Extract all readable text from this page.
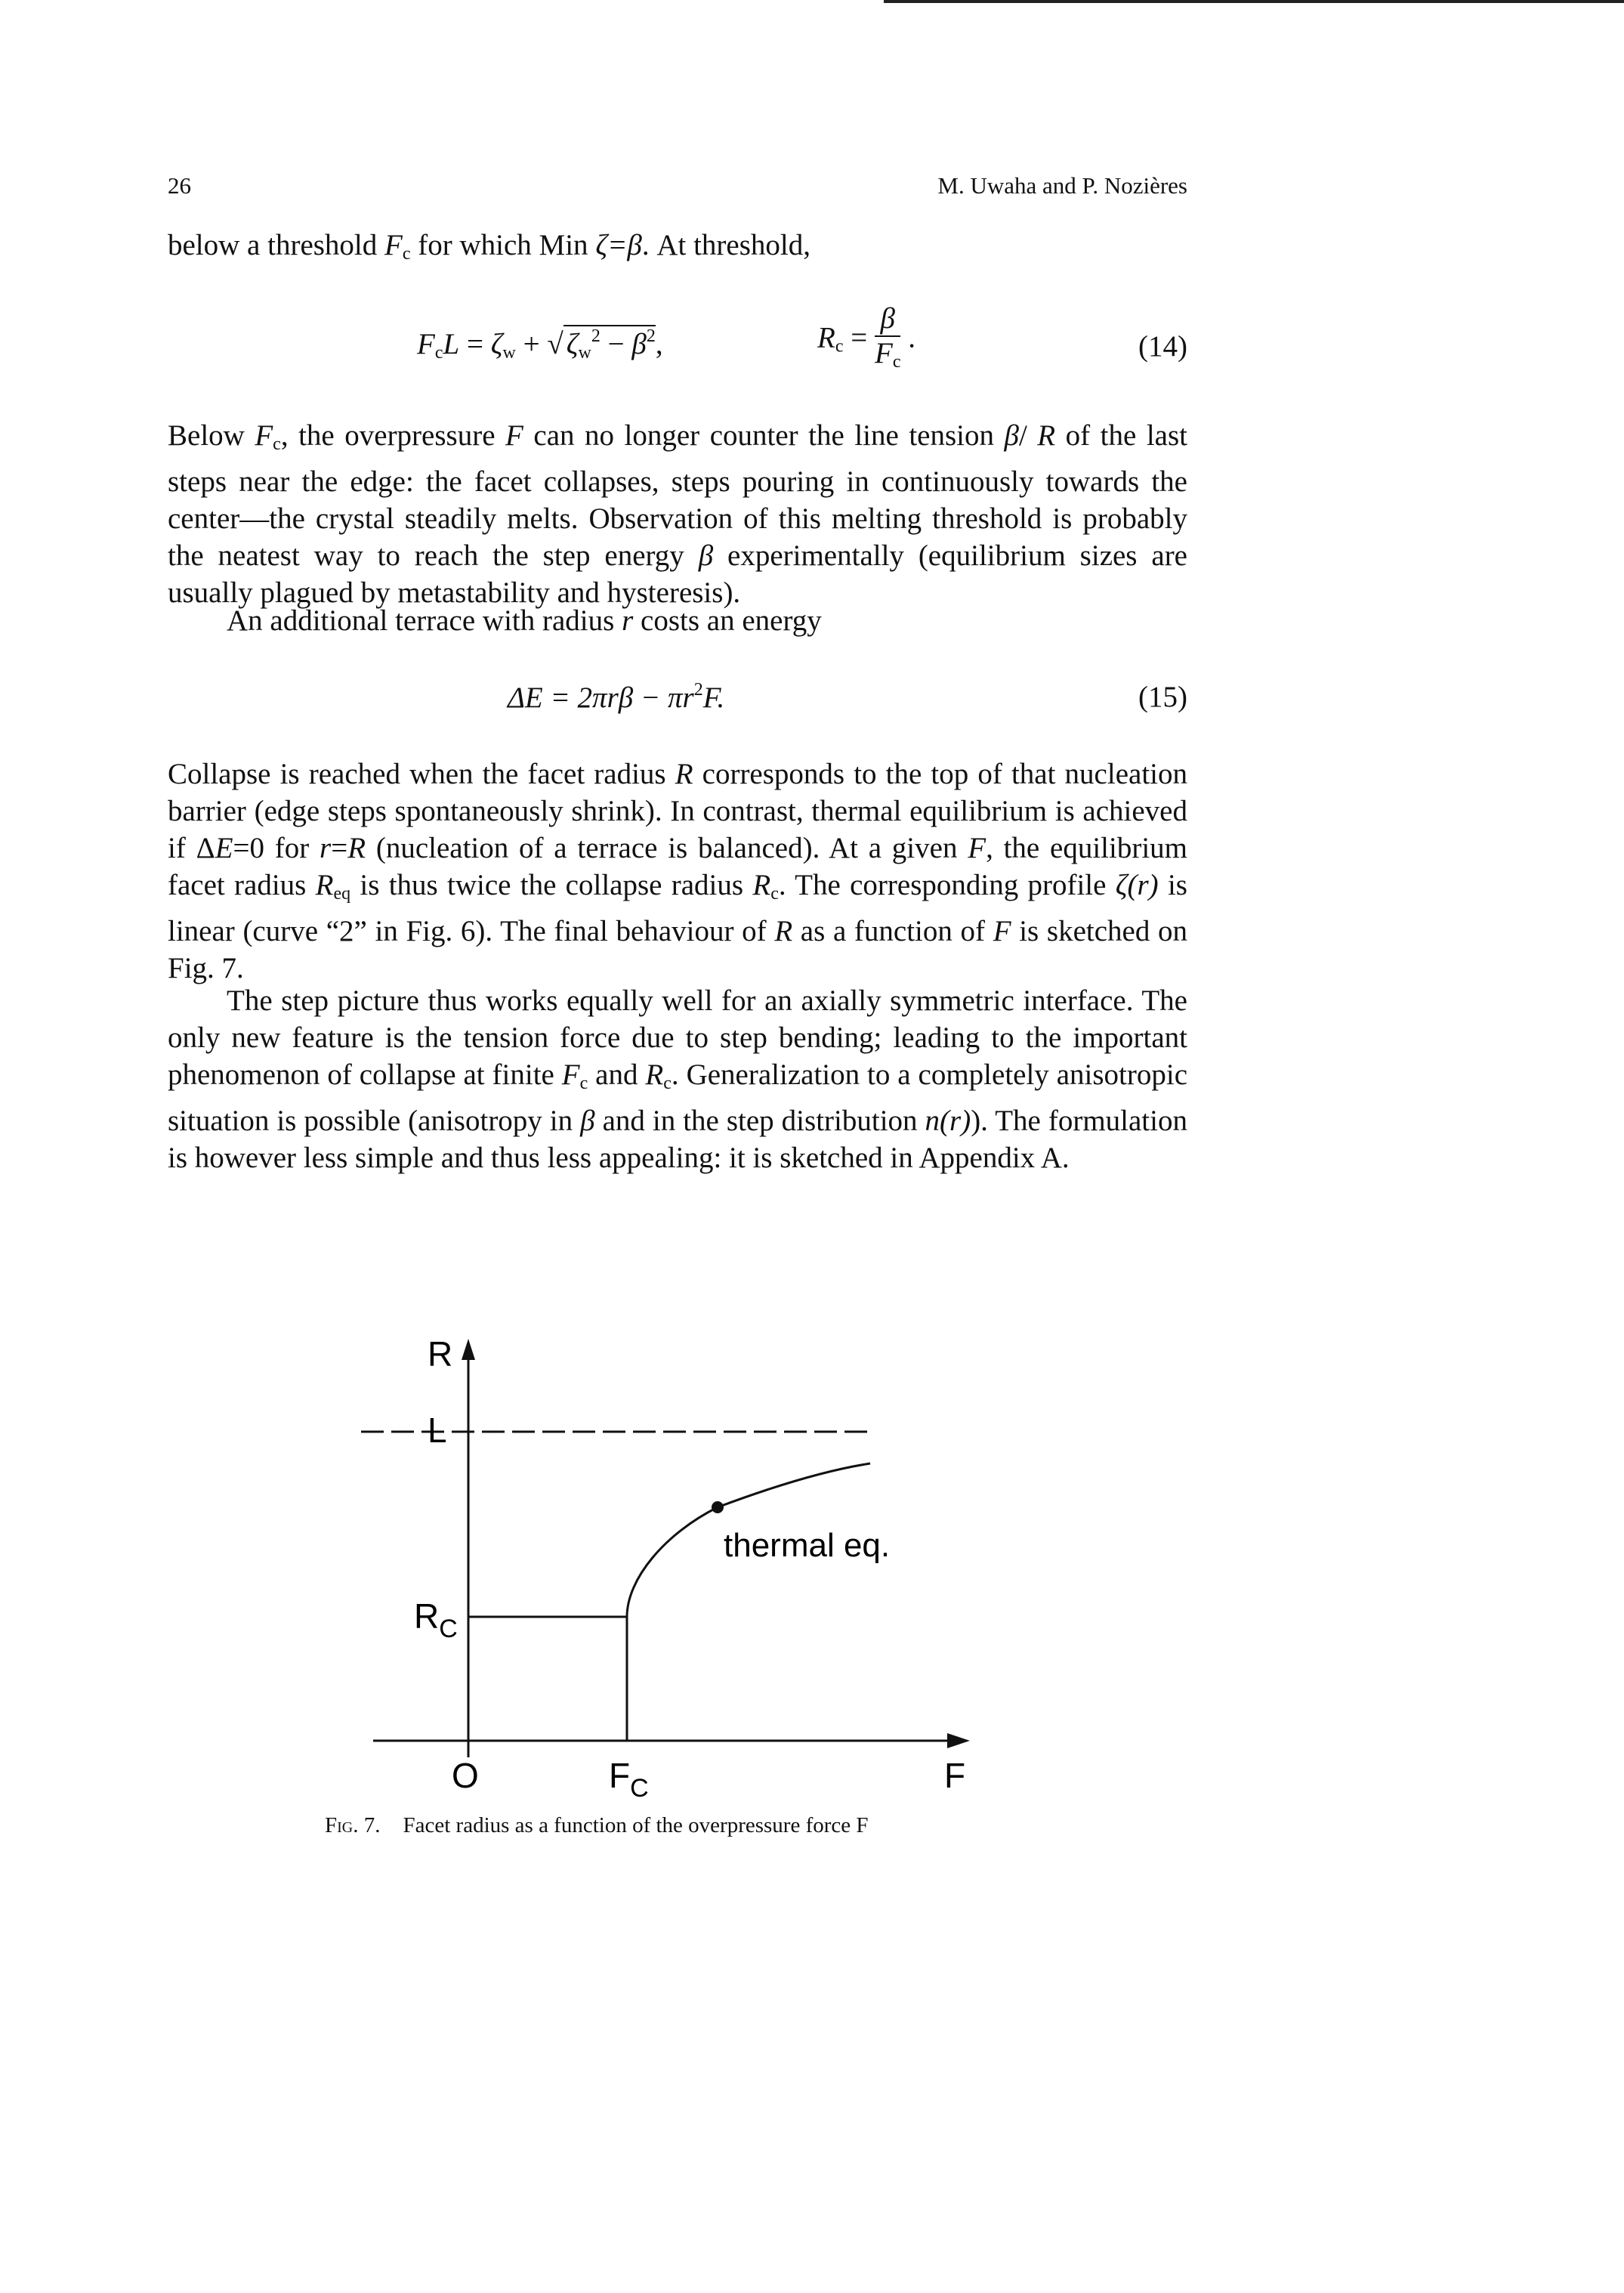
26	M. Uwaha and P. Nozières

below a threshold $F_c$ for which Min ζ=β. At threshold,

$F_cL = \zeta_w$ + √ $\zeta_w^2 - \beta^2$,	$R_c = \frac{\beta}{F_c}$ .	(14)

Below $F_c$, the overpressure F can no longer counter the line tension β/ R of the last steps near the edge: the facet collapses, steps pouring in continuously towards the center—the crystal steadily melts. Observation of this melting threshold is probably the neatest way to reach the step energy β experimentally (equilibrium sizes are usually plagued by metastability and hysteresis).

An additional terrace with radius r costs an energy

$\Delta E = 2\pi r\beta - \pi r^2F$.	(15)

Collapse is reached when the facet radius R corresponds to the top of that nucleation barrier (edge steps spontaneously shrink). In contrast, thermal equilibrium is achieved if ΔE=0 for r=R (nucleation of a terrace is balanced). At a given F, the equilibrium facet radius $R_{eq}$ is thus twice the collapse radius $R_c$. The corresponding profile ζ(r) is linear (curve “2” in Fig. 6). The final behaviour of R as a function of F is sketched on Fig. 7.

The step picture thus works equally well for an axially symmetric interface. The only new feature is the tension force due to step bending; leading to the important phenomenon of collapse at finite $F_c$ and $R_c$. Generalization to a completely anisotropic situation is possible (anisotropy in β and in the step distribution n(r)). The formulation is however less simple and thus less appealing: it is sketched in Appendix A.

R
L
$R_C$
thermal eq.
O	$F_C$	F
Fig. 7. Facet radius as a function of the overpressure force F
